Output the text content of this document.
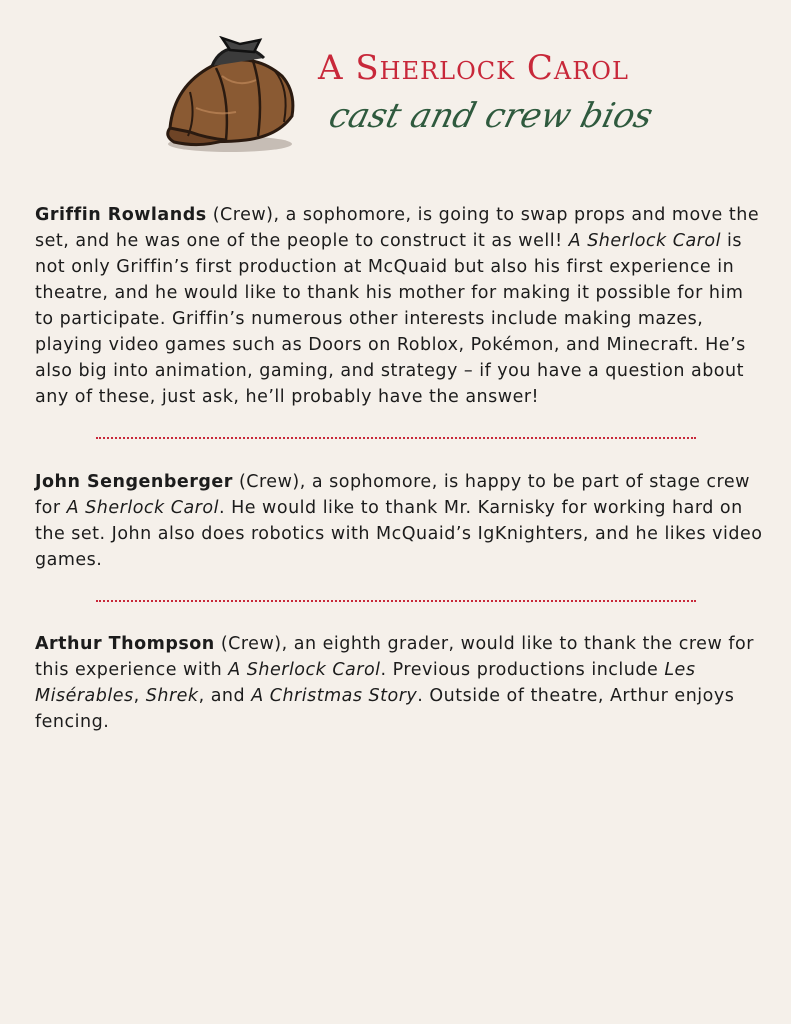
A Sherlock Carol
cast and crew bios

Griffin Rowlands (Crew), a sophomore, is going to swap props and move the set, and he was one of the people to construct it as well! A Sherlock Carol is not only Griffin’s first production at McQuaid but also his first experience in theatre, and he would like to thank his mother for making it possible for him to participate. Griffin’s numerous other interests include making mazes, playing video games such as Doors on Roblox, Pokémon, and Minecraft. He’s also big into animation, gaming, and strategy – if you have a question about any of these, just ask, he’ll probably have the answer!

John Sengenberger (Crew), a sophomore, is happy to be part of stage crew for A Sherlock Carol. He would like to thank Mr. Karnisky for working hard on the set. John also does robotics with McQuaid’s IgKnighters, and he likes video games.

Arthur Thompson (Crew), an eighth grader, would like to thank the crew for this experience with A Sherlock Carol. Previous productions include Les Misérables, Shrek, and A Christmas Story. Outside of theatre, Arthur enjoys fencing.
